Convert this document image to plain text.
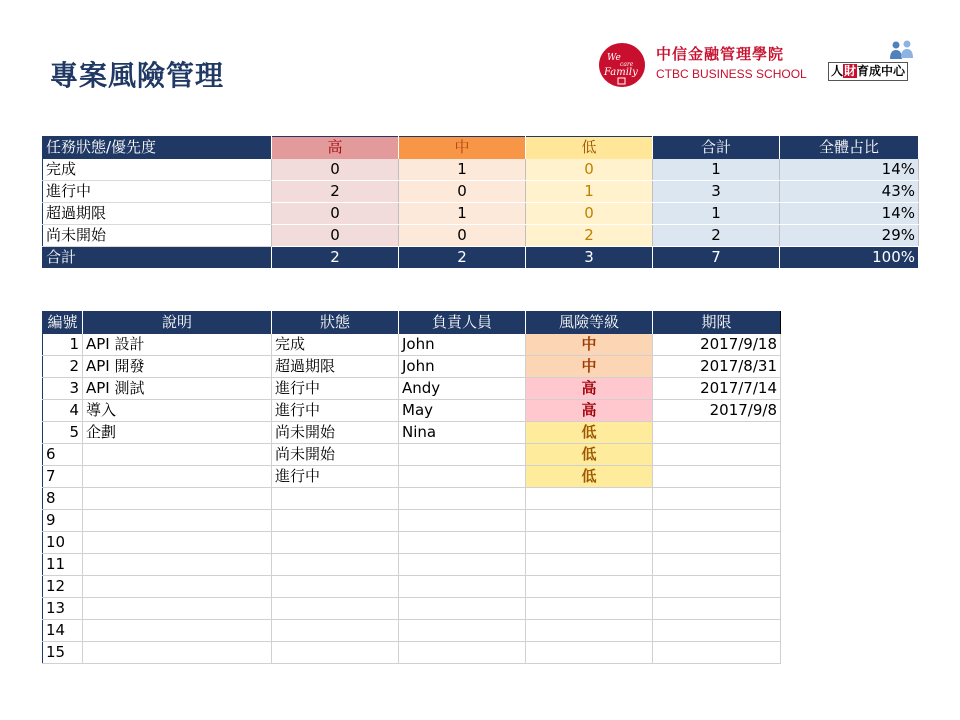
專案風險管理
We
care
Family
中信金融管理學院
CTBC BUSINESS SCHOOL 人財育成中心
任務狀態/優先度	高	中	低	合計	全體占比
完成	0	1	0	1	14%
進行中	2	0	1	3	43%
超過期限	0	1	0	1	14%
尚未開始	0	0	2	2	29%
合計	2	2	3	7	100%
編號	說明	狀態	負責人員	風險等級	期限
1	API 設計	完成	John	中	2017/9/18
2	API 開發	超過期限	John	中	2017/8/31
3	API 測試	進行中	Andy	高	2017/7/14
4	導入	進行中	May	高	2017/9/8
5	企劃	尚未開始	Nina	低	
6		尚未開始		低	
7		進行中		低	
8					
9					
10					
11					
12					
13					
14					
15					
